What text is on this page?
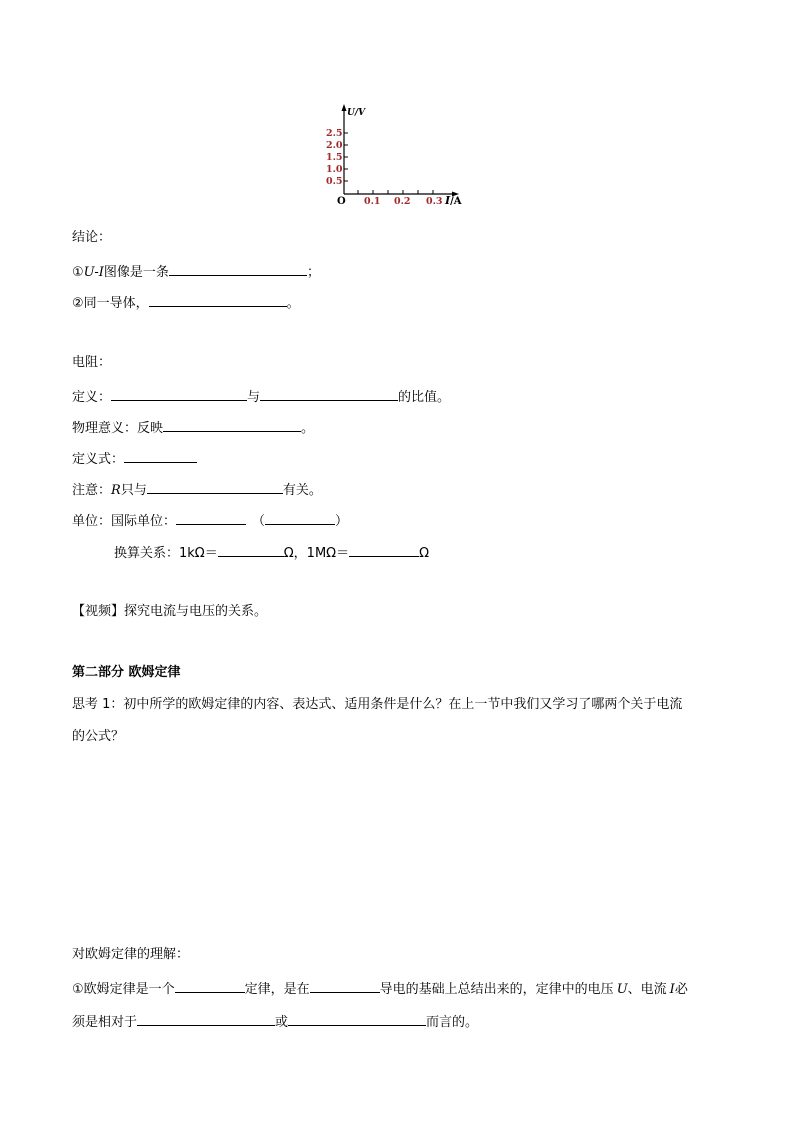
U/V
O
2.5
2.0
1.5
1.0
0.5
0.1 0.2 0.3 I/A
结论：
①U-I图像是一条	；
②同一导体，	。
电阻：
定义：	与	的比值。
物理意义：反映	。
定义式：
注意：R只与	有关。
单位：国际单位：	（	）
换算关系：1kΩ＝	Ω，1MΩ＝	Ω
【视频】探究电流与电压的关系。
第二部分 欧姆定律
思考 1：初中所学的欧姆定律的内容、表达式、适用条件是什么？在上一节中我们又学习了哪两个关于电流
的公式？
对欧姆定律的理解：
①欧姆定律是一个	定律，是在	导电的基础上总结出来的，定律中的电压 U、电流 I必
须是相对于	或	而言的。
